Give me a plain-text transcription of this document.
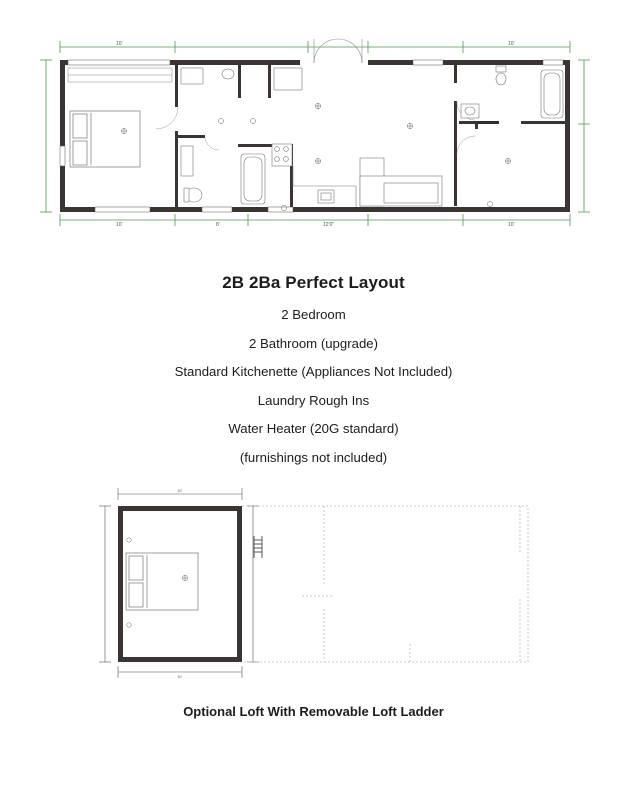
10'	10'
10'	8'	12'0"	10'
2B 2Ba Perfect Layout
2 Bedroom
2 Bathroom (upgrade)
Standard Kitchenette (Appliances Not Included)
Laundry Rough Ins
Water Heater (20G standard)
(furnishings not included)
10'
10'
Optional Loft With Removable Loft Ladder
